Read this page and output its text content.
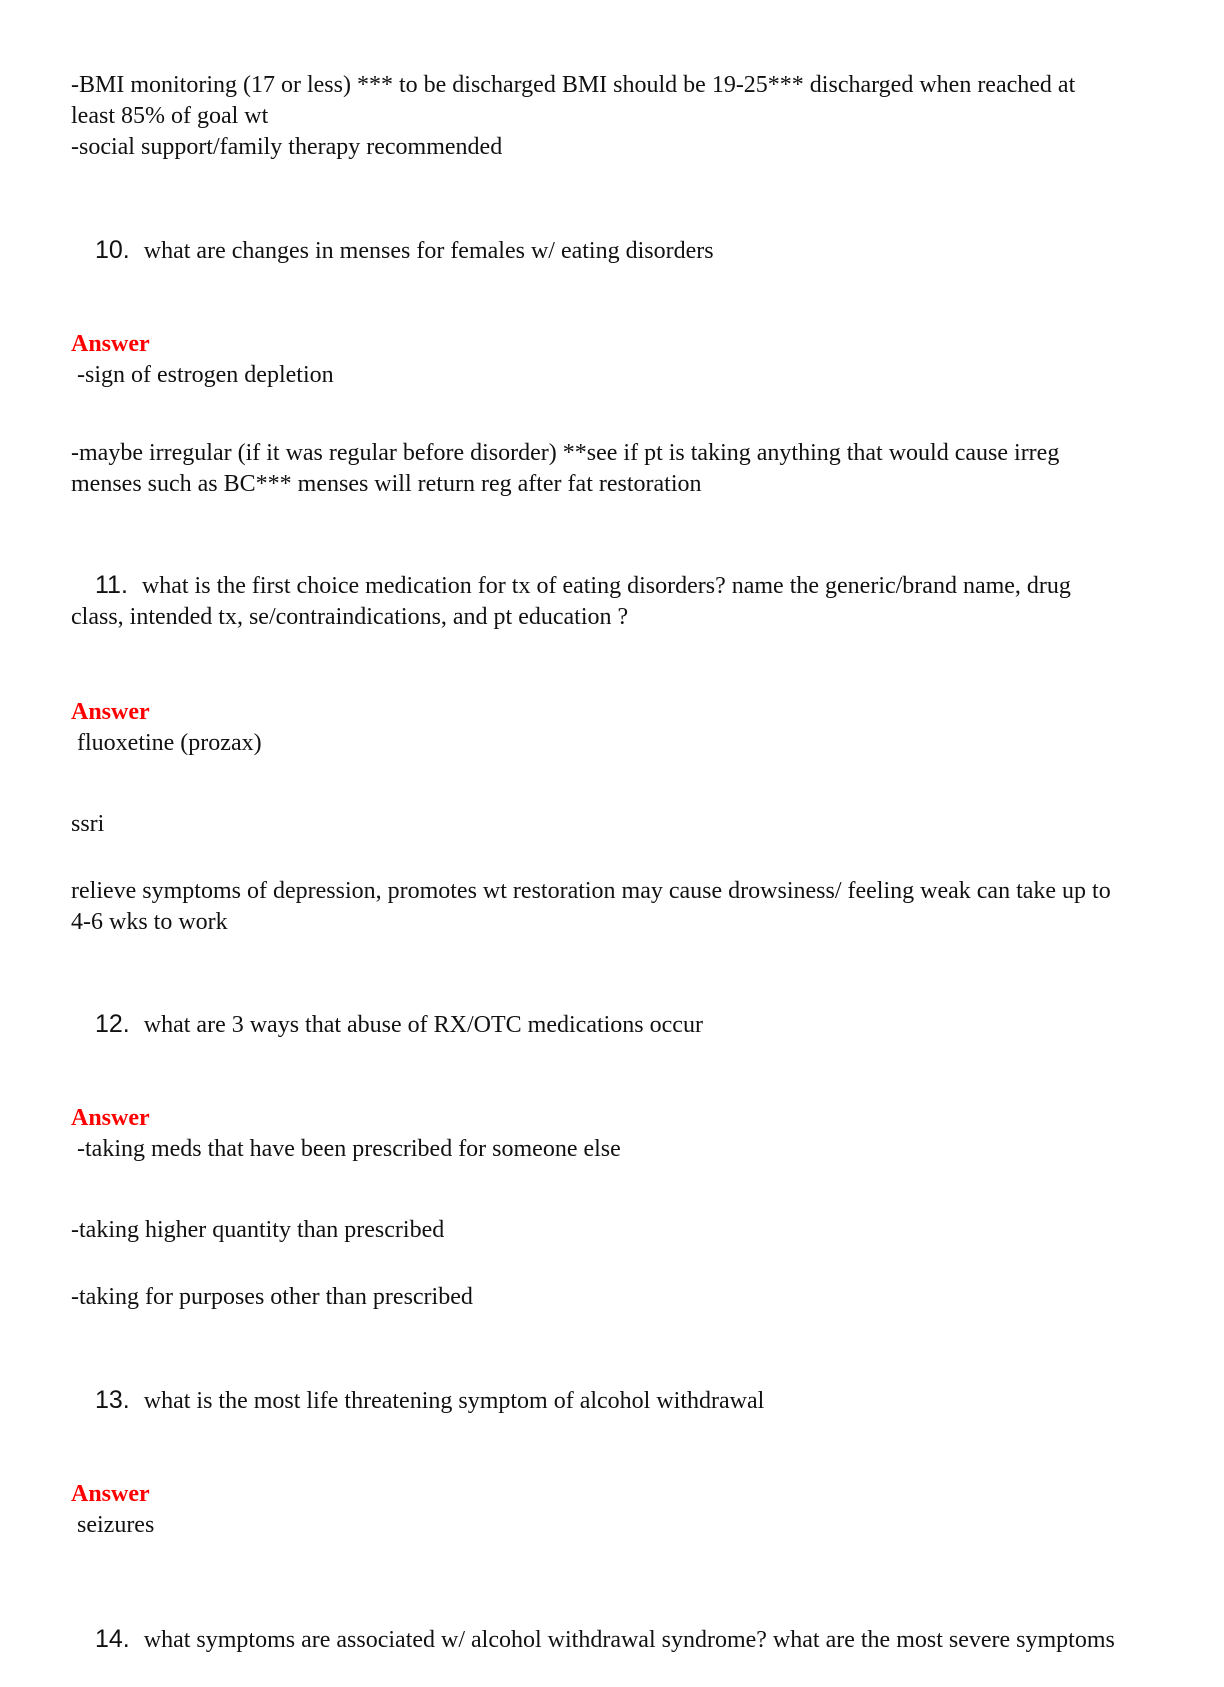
-BMI monitoring (17 or less) *** to be discharged BMI should be 19-25*** discharged when reached at least 85% of goal wt

-social support/family therapy recommended

10. what are changes in menses for females w/ eating disorders

Answer

-sign of estrogen depletion

-maybe irregular (if it was regular before disorder) **see if pt is taking anything that would cause irreg menses such as BC*** menses will return reg after fat restoration

11. what is the first choice medication for tx of eating disorders? name the generic/brand name, drug class, intended tx, se/contraindications, and pt education ?

Answer

fluoxetine (prozax)

ssri

relieve symptoms of depression, promotes wt restoration may cause drowsiness/ feeling weak can take up to 4-6 wks to work

12. what are 3 ways that abuse of RX/OTC medications occur

Answer

-taking meds that have been prescribed for someone else

-taking higher quantity than prescribed

-taking for purposes other than prescribed

13. what is the most life threatening symptom of alcohol withdrawal

Answer

seizures

14. what symptoms are associated w/ alcohol withdrawal syndrome? what are the most severe symptoms
